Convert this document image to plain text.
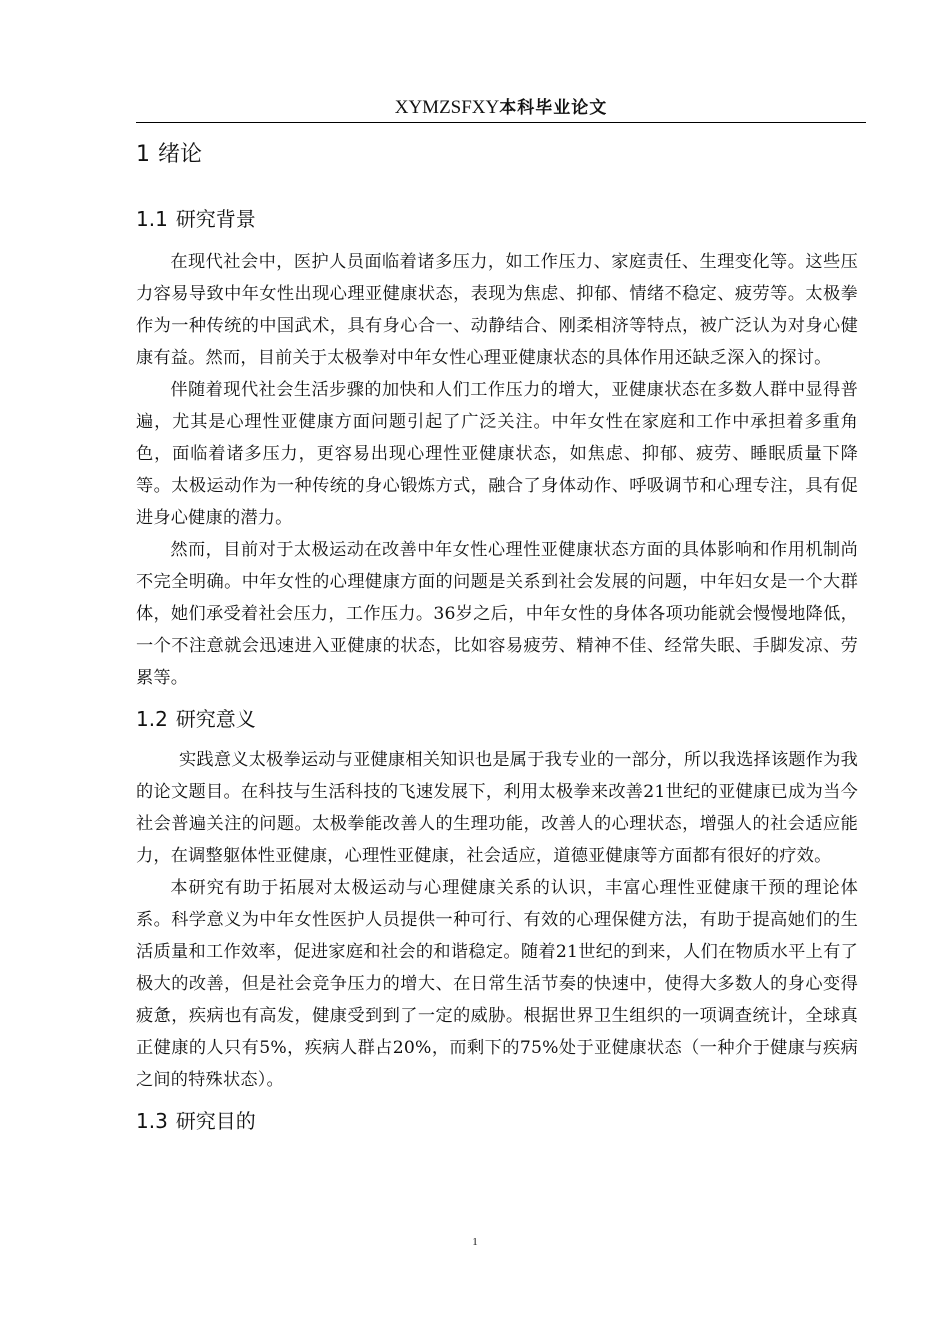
XYMZSFXY本科毕业论文
1 绪论
1.1 研究背景

在现代社会中，医护人员面临着诸多压力，如工作压力、家庭责任、生理变化等。这些压力容易导致中年女性出现心理亚健康状态，表现为焦虑、抑郁、情绪不稳定、疲劳等。太极拳作为一种传统的中国武术，具有身心合一、动静结合、刚柔相济等特点，被广泛认为对身心健康有益。然而，目前关于太极拳对中年女性心理亚健康状态的具体作用还缺乏深入的探讨。

伴随着现代社会生活步骤的加快和人们工作压力的增大，亚健康状态在多数人群中显得普遍，尤其是心理性亚健康方面问题引起了广泛关注。中年女性在家庭和工作中承担着多重角色，面临着诸多压力，更容易出现心理性亚健康状态，如焦虑、抑郁、疲劳、睡眠质量下降等。太极运动作为一种传统的身心锻炼方式，融合了身体动作、呼吸调节和心理专注，具有促进身心健康的潜力。

然而，目前对于太极运动在改善中年女性心理性亚健康状态方面的具体影响和作用机制尚不完全明确。中年女性的心理健康方面的问题是关系到社会发展的问题，中年妇女是一个大群体，她们承受着社会压力，工作压力。36岁之后，中年女性的身体各项功能就会慢慢地降低，一个不注意就会迅速进入亚健康的状态，比如容易疲劳、精神不佳、经常失眠、手脚发凉、劳累等。

1.2 研究意义

实践意义太极拳运动与亚健康相关知识也是属于我专业的一部分，所以我选择该题作为我的论文题目。在科技与生活科技的飞速发展下，利用太极拳来改善21世纪的亚健康已成为当今社会普遍关注的问题。太极拳能改善人的生理功能，改善人的心理状态，增强人的社会适应能力，在调整躯体性亚健康，心理性亚健康，社会适应，道德亚健康等方面都有很好的疗效。

本研究有助于拓展对太极运动与心理健康关系的认识，丰富心理性亚健康干预的理论体系。科学意义为中年女性医护人员提供一种可行、有效的心理保健方法，有助于提高她们的生活质量和工作效率，促进家庭和社会的和谐稳定。随着21世纪的到来，人们在物质水平上有了极大的改善，但是社会竞争压力的增大、在日常生活节奏的快速中，使得大多数人的身心变得疲惫，疾病也有高发，健康受到到了一定的威胁。根据世界卫生组织的一项调查统计，全球真正健康的人只有5%，疾病人群占20%，而剩下的75%处于亚健康状态（一种介于健康与疾病之间的特殊状态）。

1.3 研究目的
1
